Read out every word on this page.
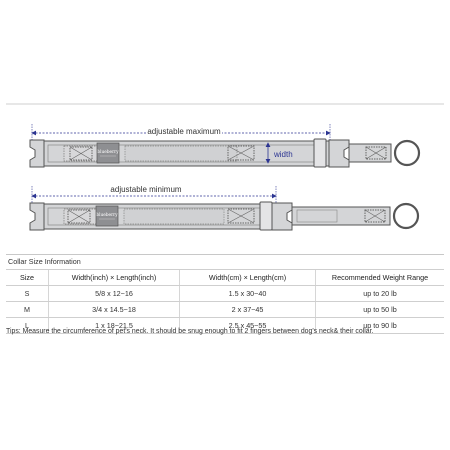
blueberry
adjustable maximum
width
blueberry
adjustable minimum
Collar Size Information
Size	Width(inch) × Length(inch)	Width(cm) × Length(cm)	Recommended Weight Range
S	5/8 x 12~16	1.5 x 30~40	up to 20 lb
M	3/4 x 14.5~18	2 x 37~45	up to 50 lb
L	1 x 18~21.5	2.5 x 45~55	up to 90 lb
Tips: Measure the circumference of pet's neck. It should be snug enough to fit 2 fingers between dog's neck& their collar.
